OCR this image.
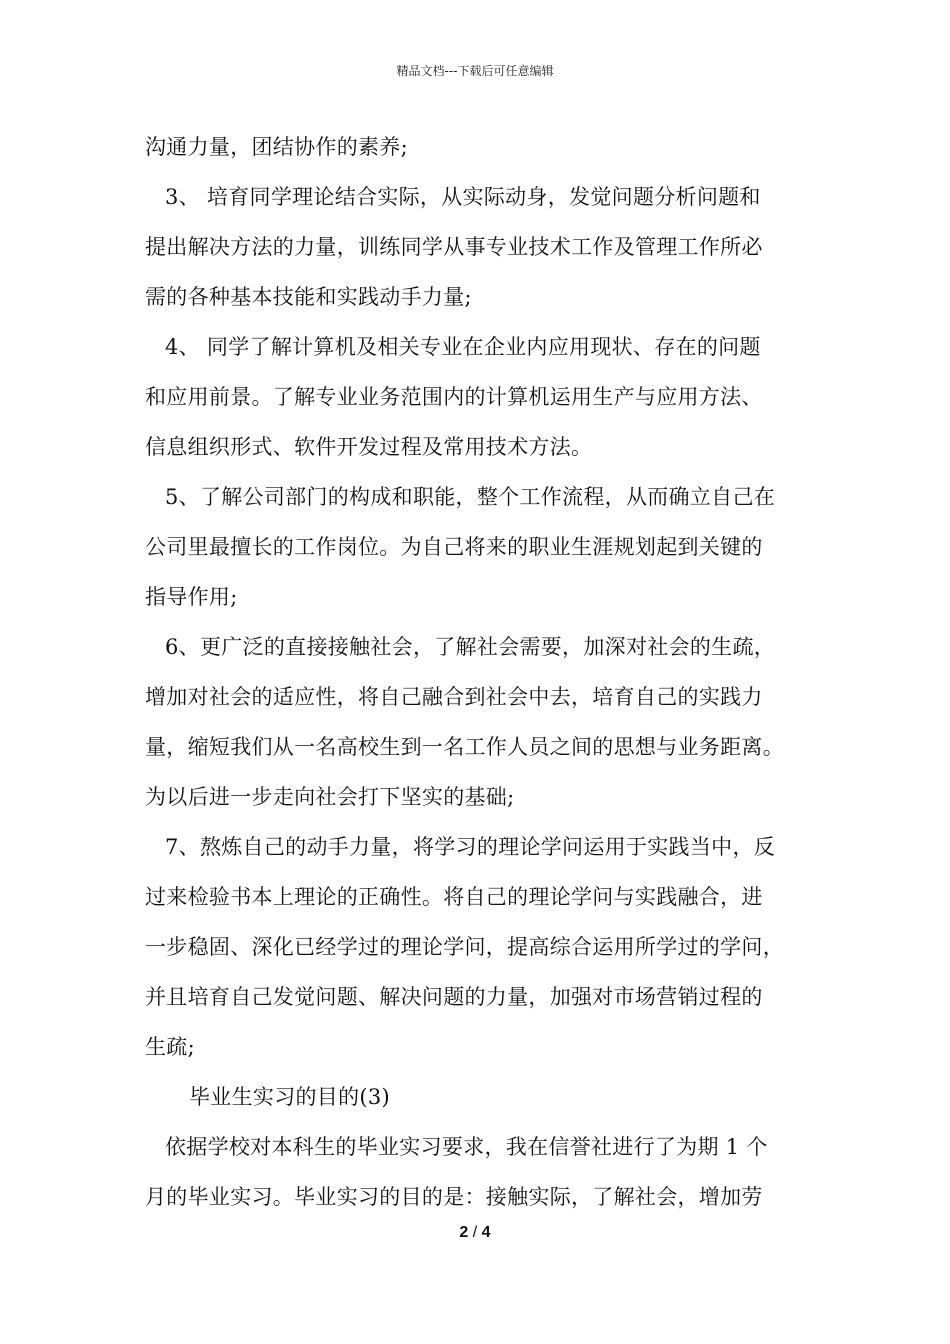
精品文档---下载后可任意编辑
沟通力量，团结协作的素养;
3、 培育同学理论结合实际，从实际动身，发觉问题分析问题和
提出解决方法的力量，训练同学从事专业技术工作及管理工作所必
需的各种基本技能和实践动手力量;
4、 同学了解计算机及相关专业在企业内应用现状、存在的问题
和应用前景。了解专业业务范围内的计算机运用生产与应用方法、
信息组织形式、软件开发过程及常用技术方法。
5、了解公司部门的构成和职能，整个工作流程，从而确立自己在
公司里最擅长的工作岗位。为自己将来的职业生涯规划起到关键的
指导作用;
6、更广泛的直接接触社会，了解社会需要，加深对社会的生疏，
增加对社会的适应性，将自己融合到社会中去，培育自己的实践力
量，缩短我们从一名高校生到一名工作人员之间的思想与业务距离。
为以后进一步走向社会打下坚实的基础;
7、熬炼自己的动手力量，将学习的理论学问运用于实践当中，反
过来检验书本上理论的正确性。将自己的理论学问与实践融合，进
一步稳固、深化已经学过的理论学问，提高综合运用所学过的学问，
并且培育自己发觉问题、解决问题的力量，加强对市场营销过程的
生疏;
毕业生实习的目的(3)
依据学校对本科生的毕业实习要求，我在信誉社进行了为期 1 个
月的毕业实习。毕业实习的目的是：接触实际，了解社会，增加劳
2 / 4
